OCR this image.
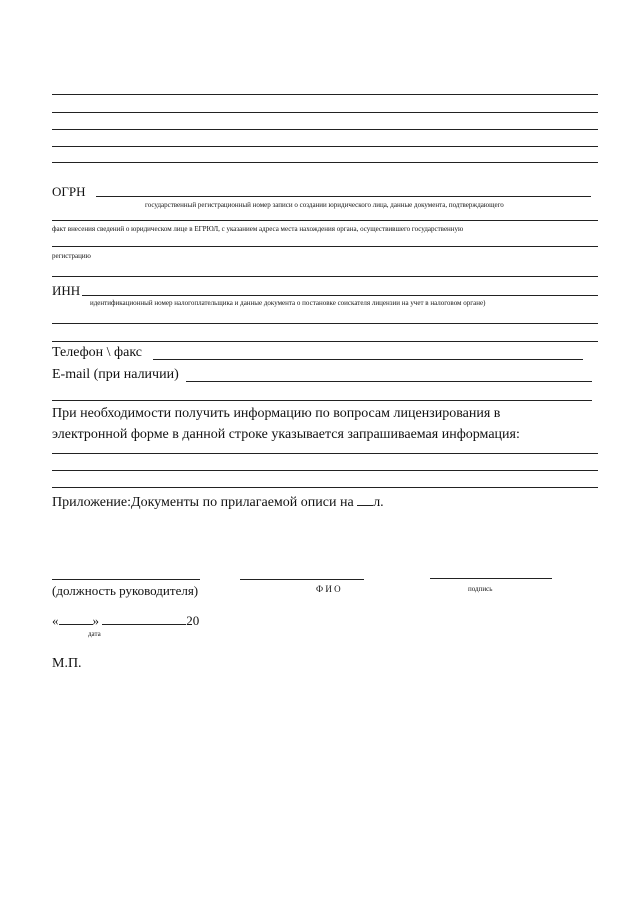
ОГРН
государственный регистрационный номер записи о создании юридического лица, данные документа, подтверждающего
факт внесения сведений о юридическом лице в ЕГРЮЛ, с указанием адреса места нахождения органа, осуществившего государственную
регистрацию
ИНН
идентификационный номер налогоплательщика и данные документа о постановке соискателя лицензии на учет в налоговом органе)
Телефон \ факс
E-mail (при наличии)
При необходимости получить информацию по вопросам лицензирования в
электронной форме в данной строке указывается запрашиваемая информация:
Приложение:Документы по прилагаемой описи на л.
(должность руководителя)	Ф И О	подпись
«	»	20
дата
М.П.
